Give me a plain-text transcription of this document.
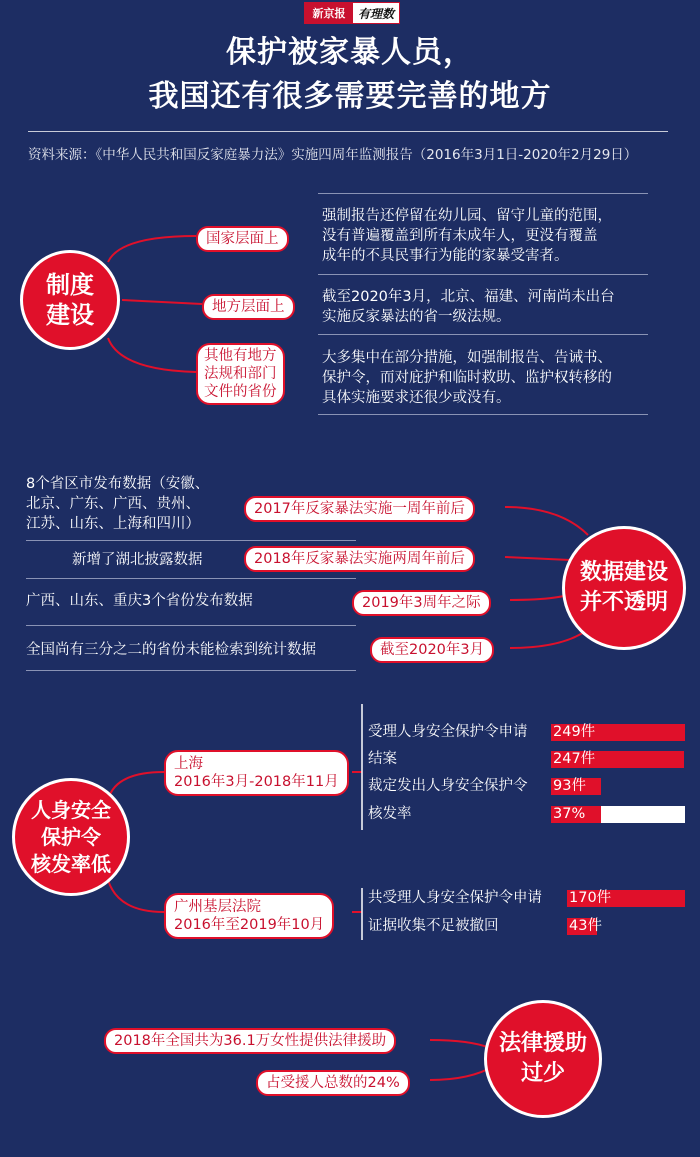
新京报	有理数
保护被家暴人员，
我国还有很多需要完善的地方
资料来源：《中华人民共和国反家庭暴力法》实施四周年监测报告（2016年3月1日-2020年2月29日）
制度
建设
国家层面上
地方层面上
其他有地方
法规和部门
文件的省份
强制报告还停留在幼儿园、留守儿童的范围，
没有普遍覆盖到所有未成年人，更没有覆盖
成年的不具民事行为能的家暴受害者。
截至2020年3月，北京、福建、河南尚未出台
实施反家暴法的省一级法规。
大多集中在部分措施，如强制报告、告诫书、
保护令，而对庇护和临时救助、监护权转移的
具体实施要求还很少或没有。
8个省区市发布数据（安徽、
北京、广东、广西、贵州、
江苏、山东、上海和四川）
新增了湖北披露数据
广西、山东、重庆3个省份发布数据
全国尚有三分之二的省份未能检索到统计数据
2017年反家暴法实施一周年前后
2018年反家暴法实施两周年前后
2019年3周年之际
截至2020年3月
数据建设
并不透明
人身安全
保护令
核发率低
上海
2016年3月-2018年11月
广州基层法院
2016年至2019年10月
受理人身安全保护令申请
结案
裁定发出人身安全保护令
核发率
249件
247件
93件
37%
共受理人身安全保护令申请
证据收集不足被撤回
170件
43件
2018年全国共为36.1万女性提供法律援助
占受援人总数的24%
法律援助
过少
